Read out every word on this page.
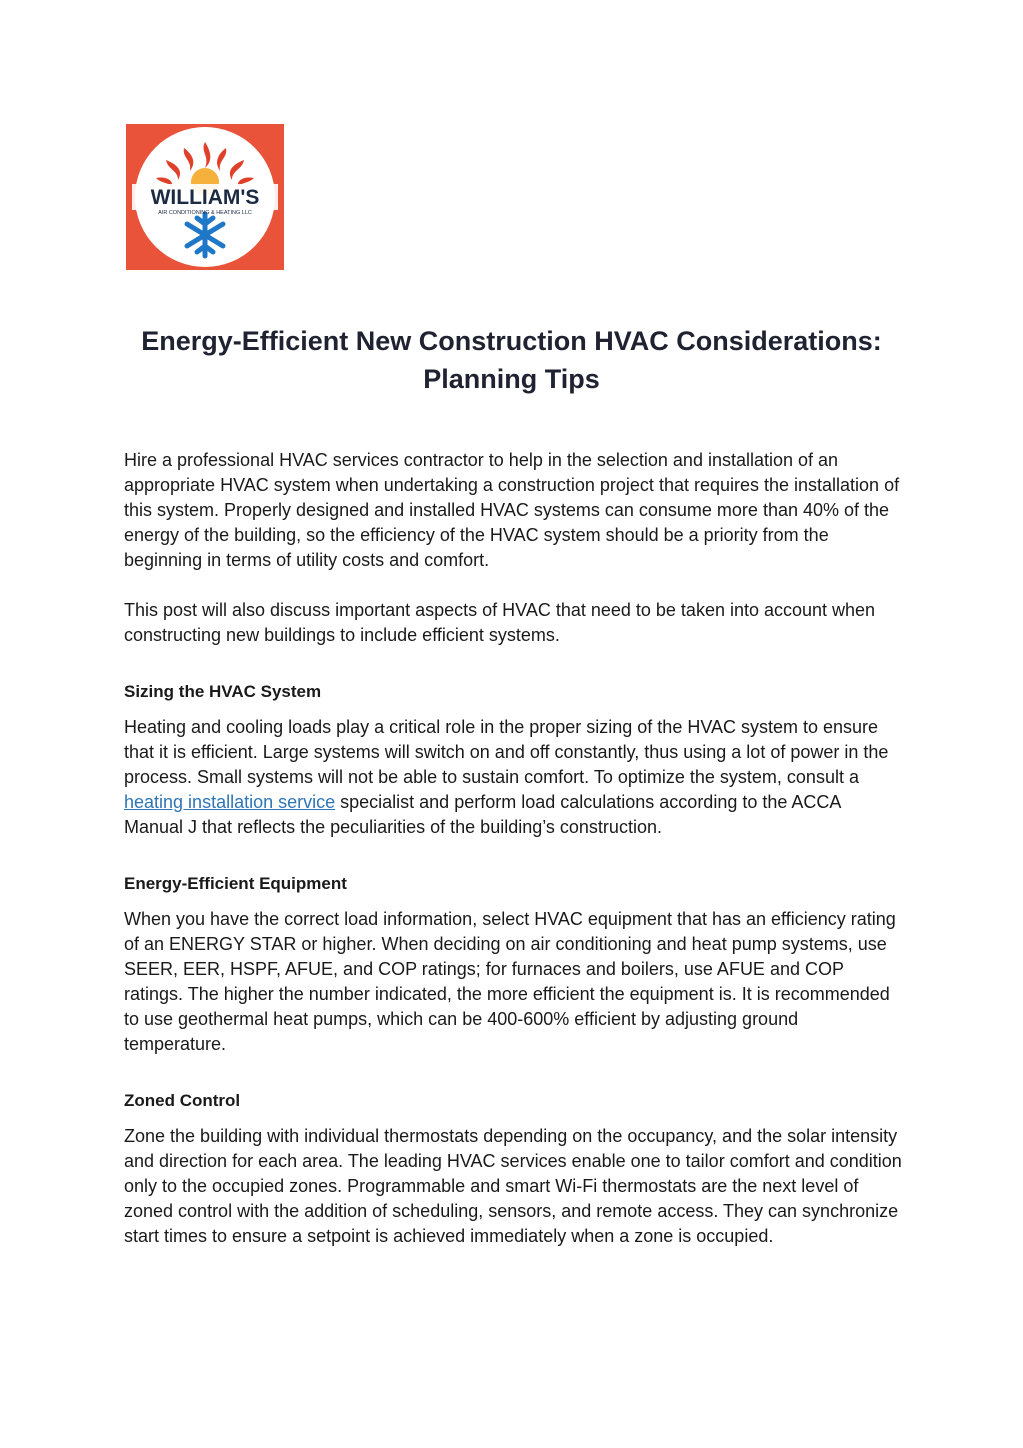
WILLIAM'S
AIR CONDITIONING & HEATING LLC
Energy-Efficient New Construction HVAC Considerations:
Planning Tips

Hire a professional HVAC services contractor to help in the selection and installation of an appropriate HVAC system when undertaking a construction project that requires the installation of this system. Properly designed and installed HVAC systems can consume more than 40% of the energy of the building, so the efficiency of the HVAC system should be a priority from the beginning in terms of utility costs and comfort.

This post will also discuss important aspects of HVAC that need to be taken into account when constructing new buildings to include efficient systems.

Sizing the HVAC System

Heating and cooling loads play a critical role in the proper sizing of the HVAC system to ensure that it is efficient. Large systems will switch on and off constantly, thus using a lot of power in the process. Small systems will not be able to sustain comfort. To optimize the system, consult a heating installation service specialist and perform load calculations according to the ACCA Manual J that reflects the peculiarities of the building’s construction.

Energy-Efficient Equipment

When you have the correct load information, select HVAC equipment that has an efficiency rating of an ENERGY STAR or higher. When deciding on air conditioning and heat pump systems, use SEER, EER, HSPF, AFUE, and COP ratings; for furnaces and boilers, use AFUE and COP ratings. The higher the number indicated, the more efficient the equipment is. It is recommended to use geothermal heat pumps, which can be 400-600% efficient by adjusting ground temperature.

Zoned Control

Zone the building with individual thermostats depending on the occupancy, and the solar intensity and direction for each area. The leading HVAC services enable one to tailor comfort and condition only to the occupied zones. Programmable and smart Wi-Fi thermostats are the next level of zoned control with the addition of scheduling, sensors, and remote access. They can synchronize start times to ensure a setpoint is achieved immediately when a zone is occupied.
